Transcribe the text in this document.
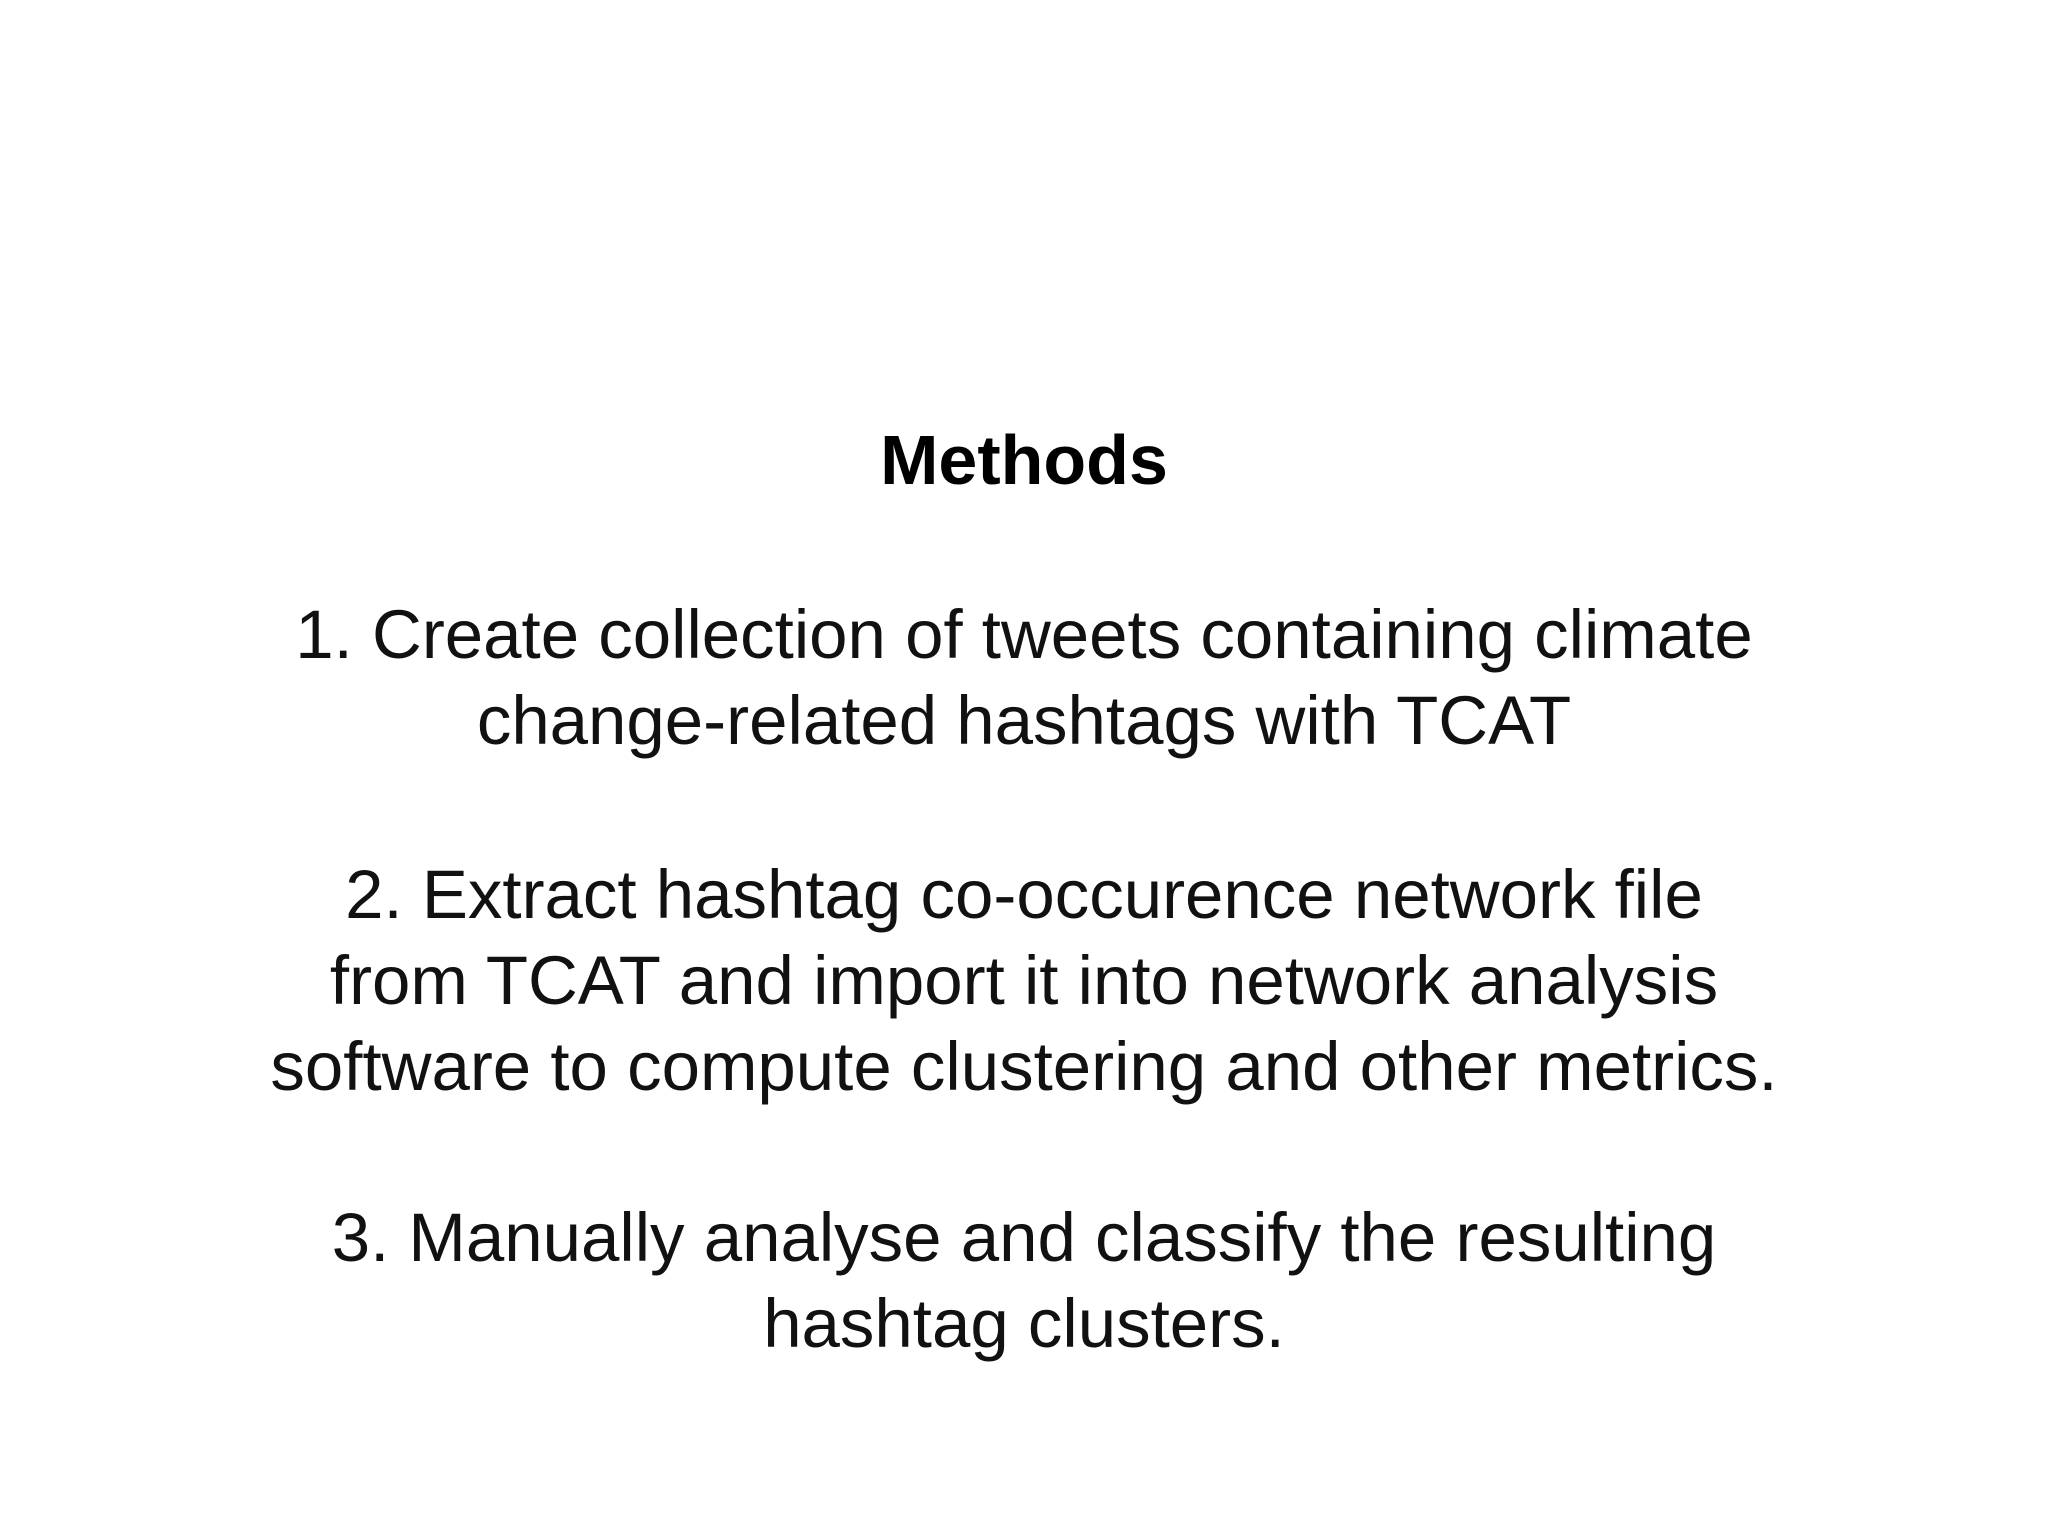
Methods
1. Create collection of tweets containing climate
change-related hashtags with TCAT
2. Extract hashtag co-occurence network file
from TCAT and import it into network analysis
software to compute clustering and other metrics.
3. Manually analyse and classify the resulting
hashtag clusters.
